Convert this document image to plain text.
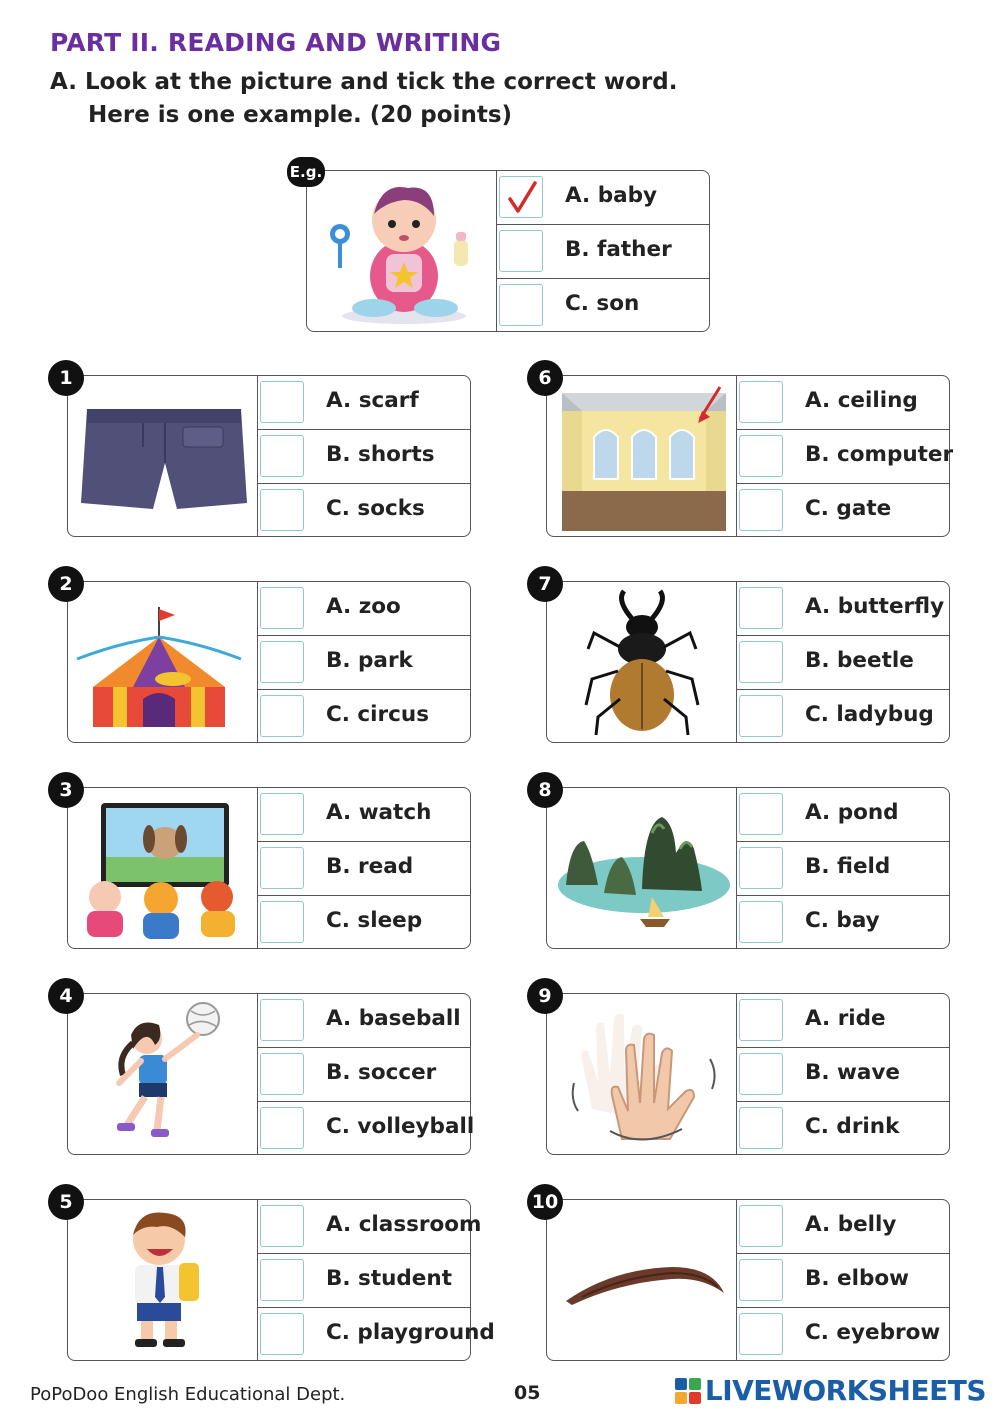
PART II. READING AND WRITING

A. Look at the picture and tick the correct word.
Here is one example. (20 points)

E.g.
A. baby
B. father
C. son
1
A. scarf
B. shorts
C. socks
2
A. zoo
B. park
C. circus
3
A. watch
B. read
C. sleep
4
A. baseball
B. soccer
C. volleyball
5
A. classroom
B. student
C. playground
6
A. ceiling
B. computer
C. gate
7
A. butterfly
B. beetle
C. ladybug
8
A. pond
B. field
C. bay
9
A. ride
B. wave
C. drink
10
A. belly
B. elbow
C. eyebrow
PoPoDoo English Educational Dept.	05	LIVEWORKSHEETS
